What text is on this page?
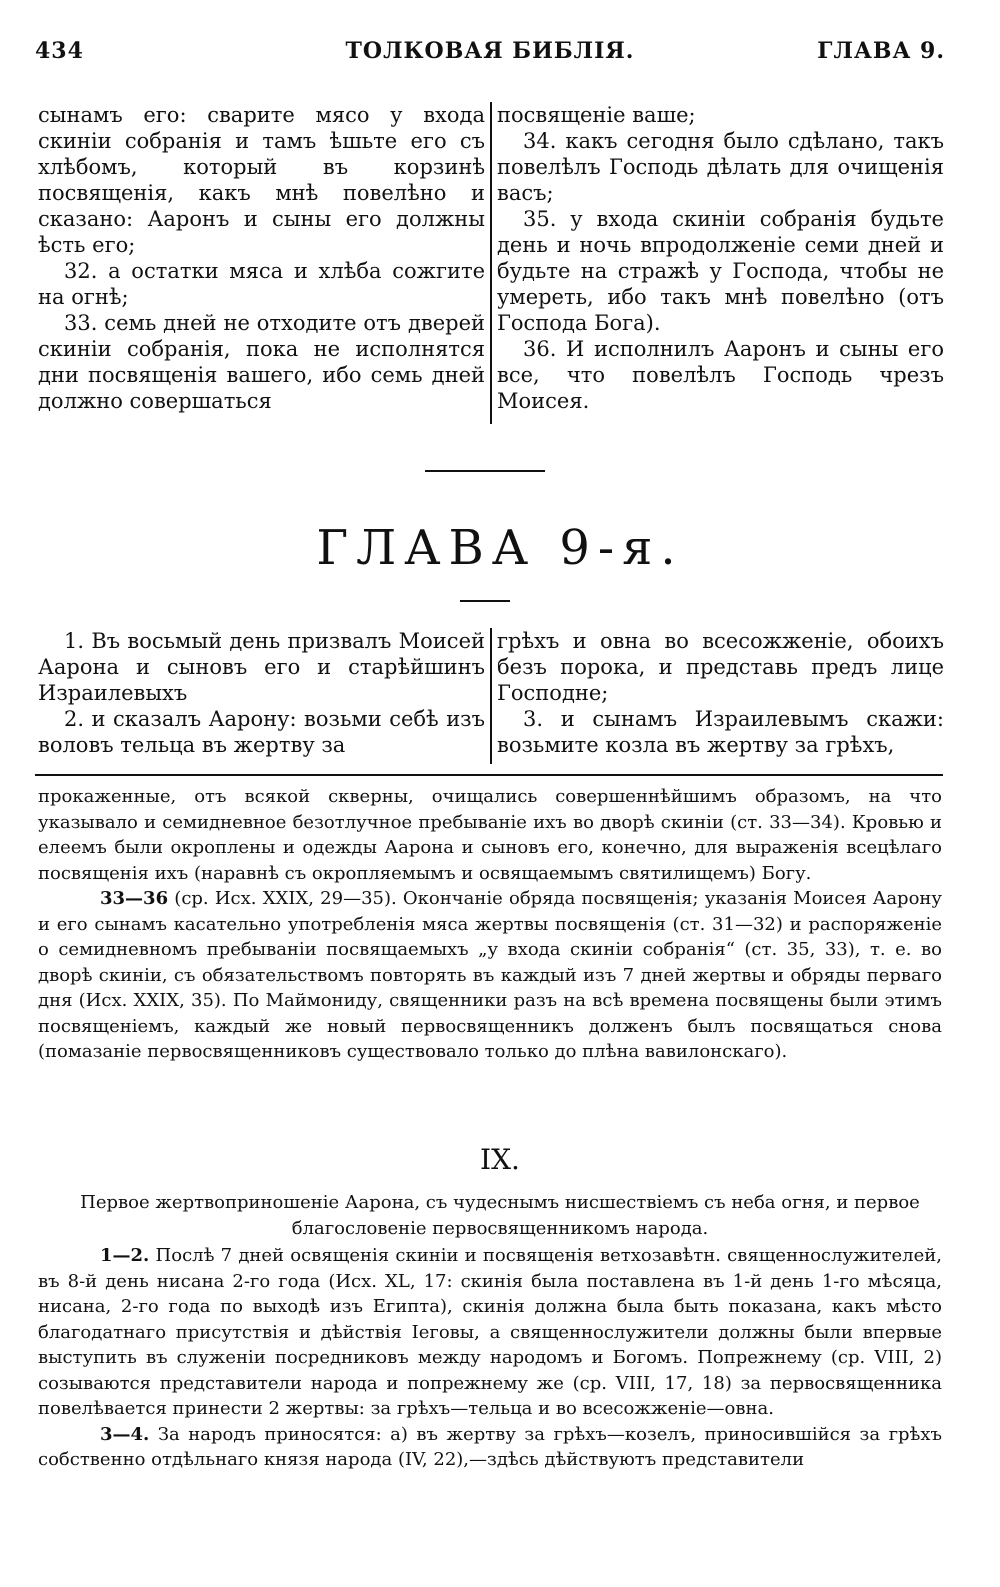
434	ТОЛКОВАЯ БИБЛІЯ.	ГЛАВА 9.

сынамъ его: сварите мясо у входа скиніи собранія и тамъ ѣшьте его съ хлѣбомъ, который въ корзинѣ посвященія, какъ мнѣ повелѣно и сказано: Ааронъ и сыны его должны ѣсть его;

32. а остатки мяса и хлѣба сожгите на огнѣ;

33. семь дней не отходите отъ дверей скиніи собранія, пока не исполнятся дни посвященія вашего, ибо семь дней должно совершаться

посвященіе ваше;

34. какъ сегодня было сдѣлано, такъ повелѣлъ Господь дѣлать для очищенія васъ;

35. у входа скиніи собранія будьте день и ночь впродолженіе семи дней и будьте на стражѣ у Господа, чтобы не умереть, ибо такъ мнѣ повелѣно (отъ Господа Бога).

36. И исполнилъ Ааронъ и сыны его все, что повелѣлъ Господь чрезъ Моисея.

ГЛАВА 9-я.

1. Въ восьмый день призвалъ Моисей Аарона и сыновъ его и старѣйшинъ Израилевыхъ

2. и сказалъ Аарону: возьми себѣ изъ воловъ тельца въ жертву за

грѣхъ и овна во всесожженіе, обоихъ безъ порока, и представь предъ лице Господне;

3. и сынамъ Израилевымъ скажи: возьмите козла въ жертву за грѣхъ,

прокаженные, отъ всякой скверны, очищались совершеннѣйшимъ образомъ, на что указывало и семидневное безотлучное пребываніе ихъ во дворѣ скиніи (ст. 33—34). Кровью и елеемъ были окроплены и одежды Аарона и сыновъ его, конечно, для выраженія всецѣлаго посвященія ихъ (наравнѣ съ окропляемымъ и освящаемымъ святилищемъ) Богу.

33—36 (ср. Исх. XXIX, 29—35). Окончаніе обряда посвященія; указанія Моисея Аарону и его сынамъ касательно употребленія мяса жертвы посвященія (ст. 31—32) и распоряженіе о семидневномъ пребываніи посвящаемыхъ „у входа скиніи собранія“ (ст. 35, 33), т. е. во дворѣ скиніи, съ обязательствомъ повторять въ каждый изъ 7 дней жертвы и обряды перваго дня (Исх. XXIX, 35). По Маймониду, священники разъ на всѣ времена посвящены были этимъ посвященіемъ, каждый же новый первосвященникъ долженъ былъ посвящаться снова (помазаніе первосвященниковъ существовало только до плѣна вавилонскаго).

IX.
Первое жертвоприношеніе Аарона, съ чудеснымъ нисшествіемъ съ неба огня, и первое благословеніе первосвященникомъ народа.

1—2. Послѣ 7 дней освященія скиніи и посвященія ветхозавѣтн. священнослужителей, въ 8-й день нисана 2-го года (Исх. XL, 17: скинія была поставлена въ 1-й день 1-го мѣсяца, нисана, 2-го года по выходѣ изъ Египта), скинія должна была быть показана, какъ мѣсто благодатнаго присутствія и дѣйствія Іеговы, а священнослужители должны были впервые выступить въ служеніи посредниковъ между народомъ и Богомъ. Попрежнему (ср. VIII, 2) созываются представители народа и попрежнему же (ср. VIII, 17, 18) за первосвященника повелѣвается принести 2 жертвы: за грѣхъ—тельца и во всесожженіе—овна.

3—4. За народъ приносятся: а) въ жертву за грѣхъ—козелъ, приносившійся за грѣхъ собственно отдѣльнаго князя народа (IV, 22),—здѣсь дѣйствуютъ представители
